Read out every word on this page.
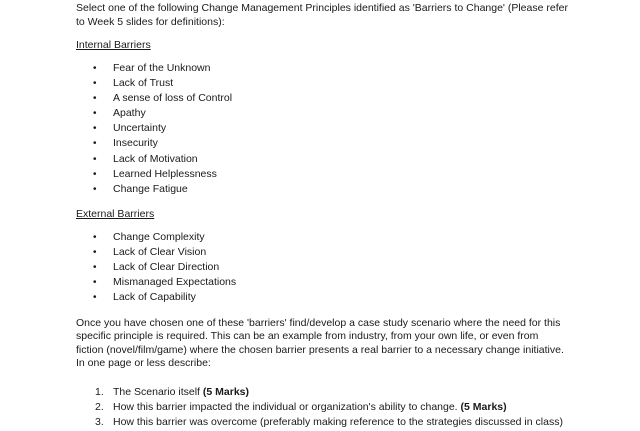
Select one of the following Change Management Principles identified as 'Barriers to Change' (Please refer to Week 5 slides for definitions):

Internal Barriers
• Fear of the Unknown
• Lack of Trust
• A sense of loss of Control
• Apathy
• Uncertainty
• Insecurity
• Lack of Motivation
• Learned Helplessness
• Change Fatigue
External Barriers
• Change Complexity
• Lack of Clear Vision
• Lack of Clear Direction
• Mismanaged Expectations
• Lack of Capability

Once you have chosen one of these 'barriers' find/develop a case study scenario where the need for this specific principle is required. This can be an example from industry, from your own life, or even from fiction (novel/film/game) where the chosen barrier presents a real barrier to a necessary change initiative. In one page or less describe:

1. The Scenario itself (5 Marks)
2. How this barrier impacted the individual or organization's ability to change. (5 Marks)
3. How this barrier was overcome (preferably making reference to the strategies discussed in class)
